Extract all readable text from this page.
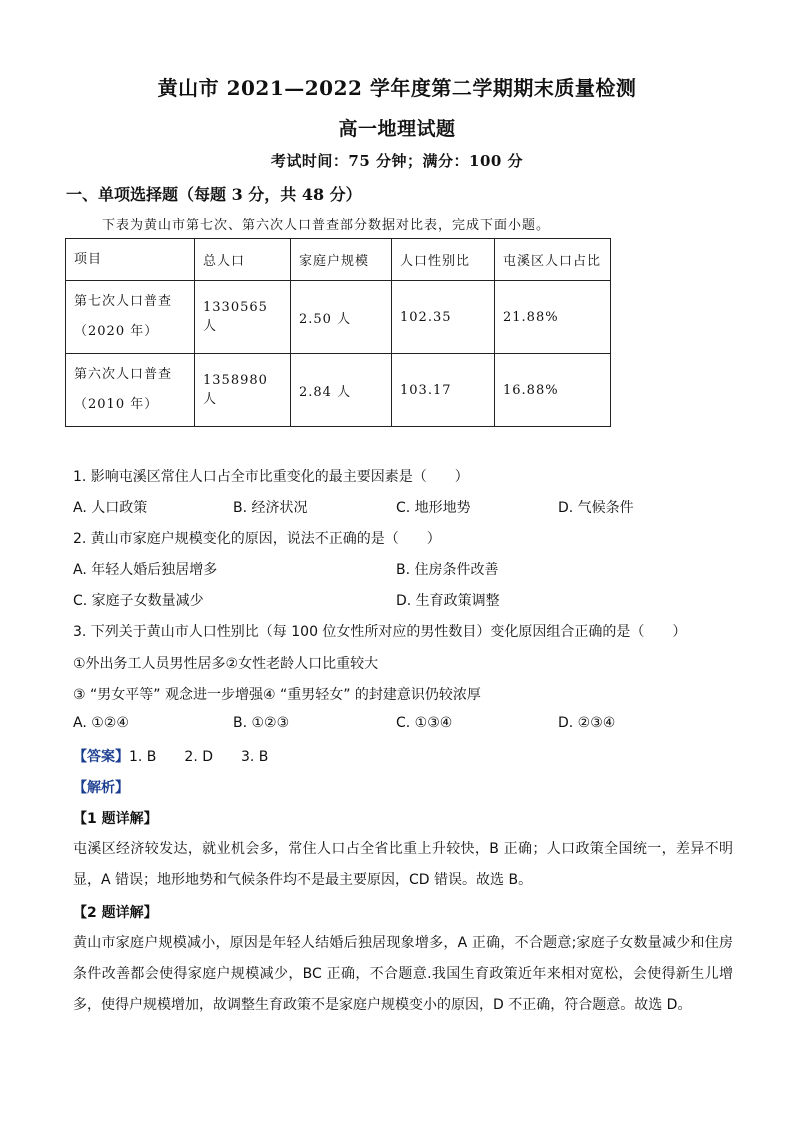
黄山市 2021—2022 学年度第二学期期末质量检测
高一地理试题
考试时间：75 分钟；满分：100 分
一、单项选择题（每题 3 分，共 48 分）
下表为黄山市第七次、第六次人口普查部分数据对比表，完成下面小题。
项目	总人口	家庭户规模	人口性别比	屯溪区人口占比

第七次人口普查
（2020 年）	1330565 人	2.50 人	102.35	21.88%

第六次人口普查
（2010 年）	1358980 人	2.84 人	103.17	16.88%
1. 影响屯溪区常住人口占全市比重变化的最主要因素是（　　）
A. 人口政策	B. 经济状况	C. 地形地势	D. 气候条件
2. 黄山市家庭户规模变化的原因，说法不正确的是（　　）
A. 年轻人婚后独居增多	B. 住房条件改善
C. 家庭子女数量减少	D. 生育政策调整
3. 下列关于黄山市人口性别比（每 100 位女性所对应的男性数目）变化原因组合正确的是（　　）
①外出务工人员男性居多②女性老龄人口比重较大
③ “男女平等” 观念进一步增强④ “重男轻女” 的封建意识仍较浓厚
A. ①②④	B. ①②③	C. ①③④	D. ②③④
【答案】1. B　　2. D　　3. B
【解析】
【1 题详解】
屯溪区经济较发达，就业机会多，常住人口占全省比重上升较快，B 正确；人口政策全国统一，差异不明显，A 错误；地形地势和气候条件均不是最主要原因，CD 错误。故选 B。
【2 题详解】
黄山市家庭户规模减小，原因是年轻人结婚后独居现象增多，A 正确，不合题意;家庭子女数量减少和住房条件改善都会使得家庭户规模减少，BC 正确，不合题意.我国生育政策近年来相对宽松，会使得新生儿增多，使得户规模增加，故调整生育政策不是家庭户规模变小的原因，D 不正确，符合题意。故选 D。
